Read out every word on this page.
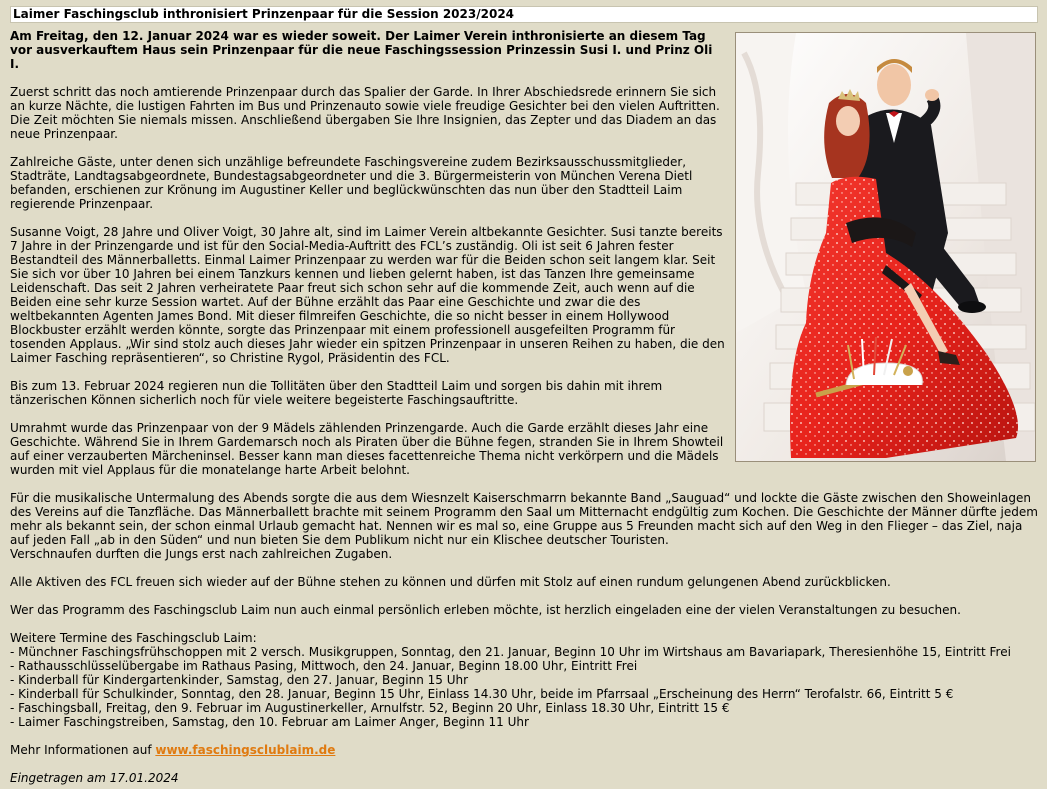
Laimer Faschingsclub inthronisiert Prinzenpaar für die Session 2023/2024

Am Freitag, den 12. Januar 2024 war es wieder soweit. Der Laimer Verein inthronisierte an diesem Tag vor ausverkauftem Haus sein Prinzenpaar für die neue Faschingssession Prinzessin Susi I. und Prinz Oli I.

Zuerst schritt das noch amtierende Prinzenpaar durch das Spalier der Garde. In Ihrer Abschiedsrede erinnern Sie sich an kurze Nächte, die lustigen Fahrten im Bus und Prinzenauto sowie viele freudige Gesichter bei den vielen Auftritten. Die Zeit möchten Sie niemals missen. Anschließend übergaben Sie Ihre Insignien, das Zepter und das Diadem an das neue Prinzenpaar.

Zahlreiche Gäste, unter denen sich unzählige befreundete Faschingsvereine zudem Bezirksausschussmitglieder, Stadträte, Landtagsabgeordnete, Bundestagsabgeordneter und die 3. Bürgermeisterin von München Verena Dietl befanden, erschienen zur Krönung im Augustiner Keller und beglückwünschten das nun über den Stadtteil Laim regierende Prinzenpaar.

Susanne Voigt, 28 Jahre und Oliver Voigt, 30 Jahre alt, sind im Laimer Verein altbekannte Gesichter. Susi tanzte bereits 7 Jahre in der Prinzengarde und ist für den Social-Media-Auftritt des FCL’s zuständig. Oli ist seit 6 Jahren fester Bestandteil des Männerballetts. Einmal Laimer Prinzenpaar zu werden war für die Beiden schon seit langem klar. Seit Sie sich vor über 10 Jahren bei einem Tanzkurs kennen und lieben gelernt haben, ist das Tanzen Ihre gemeinsame Leidenschaft. Das seit 2 Jahren verheiratete Paar freut sich schon sehr auf die kommende Zeit, auch wenn auf die Beiden eine sehr kurze Session wartet. Auf der Bühne erzählt das Paar eine Geschichte und zwar die des weltbekannten Agenten James Bond. Mit dieser filmreifen Geschichte, die so nicht besser in einem Hollywood Blockbuster erzählt werden könnte, sorgte das Prinzenpaar mit einem professionell ausgefeilten Programm für tosenden Applaus. „Wir sind stolz auch dieses Jahr wieder ein spitzen Prinzenpaar in unseren Reihen zu haben, die den Laimer Fasching repräsentieren“, so Christine Rygol, Präsidentin des FCL.

Bis zum 13. Februar 2024 regieren nun die Tollitäten über den Stadtteil Laim und sorgen bis dahin mit ihrem tänzerischen Können sicherlich noch für viele weitere begeisterte Faschingsauftritte.

Umrahmt wurde das Prinzenpaar von der 9 Mädels zählenden Prinzengarde. Auch die Garde erzählt dieses Jahr eine Geschichte. Während Sie in Ihrem Gardemarsch noch als Piraten über die Bühne fegen, stranden Sie in Ihrem Showteil auf einer verzauberten Märcheninsel. Besser kann man dieses facettenreiche Thema nicht verkörpern und die Mädels wurden mit viel Applaus für die monatelange harte Arbeit belohnt.

Für die musikalische Untermalung des Abends sorgte die aus dem Wiesnzelt Kaiserschmarrn bekannte Band „Sauguad“ und lockte die Gäste zwischen den Showeinlagen des Vereins auf die Tanzfläche. Das Männerballett brachte mit seinem Programm den Saal um Mitternacht endgültig zum Kochen. Die Geschichte der Männer dürfte jedem mehr als bekannt sein, der schon einmal Urlaub gemacht hat. Nennen wir es mal so, eine Gruppe aus 5 Freunden macht sich auf den Weg in den Flieger – das Ziel, naja auf jeden Fall „ab in den Süden“ und nun bieten Sie dem Publikum nicht nur ein Klischee deutscher Touristen.
Verschnaufen durften die Jungs erst nach zahlreichen Zugaben.

Alle Aktiven des FCL freuen sich wieder auf der Bühne stehen zu können und dürfen mit Stolz auf einen rundum gelungenen Abend zurückblicken.

Wer das Programm des Faschingsclub Laim nun auch einmal persönlich erleben möchte, ist herzlich eingeladen eine der vielen Veranstaltungen zu besuchen.

Weitere Termine des Faschingsclub Laim:

- Münchner Faschingsfrühschoppen mit 2 versch. Musikgruppen, Sonntag, den 21. Januar, Beginn 10 Uhr im Wirtshaus am Bavariapark, Theresienhöhe 15, Eintritt Frei
- Rathausschlüsselübergabe im Rathaus Pasing, Mittwoch, den 24. Januar, Beginn 18.00 Uhr, Eintritt Frei
- Kinderball für Kindergartenkinder, Samstag, den 27. Januar, Beginn 15 Uhr
- Kinderball für Schulkinder, Sonntag, den 28. Januar, Beginn 15 Uhr, Einlass 14.30 Uhr, beide im Pfarrsaal „Erscheinung des Herrn“ Terofalstr. 66, Eintritt 5 €
- Faschingsball, Freitag, den 9. Februar im Augustinerkeller, Arnulfstr. 52, Beginn 20 Uhr, Einlass 18.30 Uhr, Eintritt 15 €
- Laimer Faschingstreiben, Samstag, den 10. Februar am Laimer Anger, Beginn 11 Uhr

Mehr Informationen auf www.faschingsclublaim.de

Eingetragen am 17.01.2024
